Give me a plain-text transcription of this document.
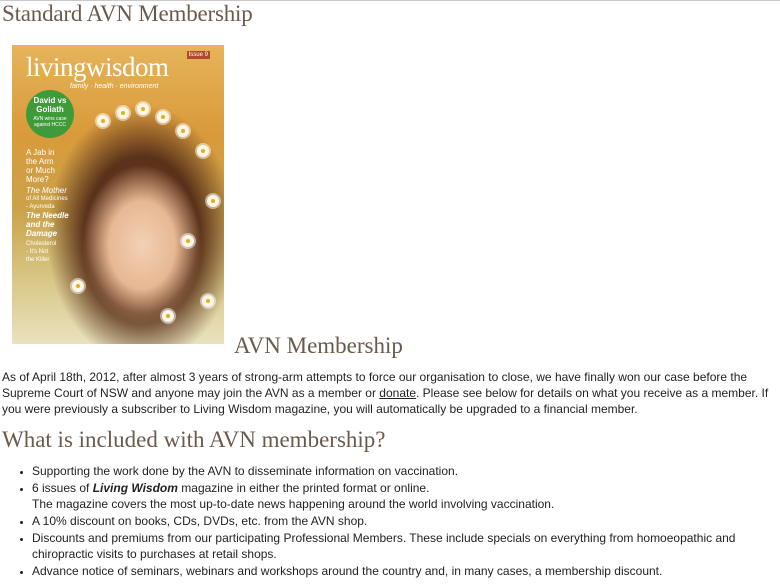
Standard AVN Membership
livingwisdom	Issue 9
family · health · environment
David vs Goliath
AVN wins case against HCCC
A Jab in
the Arm
or Much
More?
The Mother
of All Medicines
- Ayurveda
The Needle
and the
Damage
Cholesterol
- It's Not
the Killer
AVN Membership

As of April 18th, 2012, after almost 3 years of strong-arm attempts to force our organisation to close, we have finally won our case before the Supreme Court of NSW and anyone may join the AVN as a member or donate. Please see below for details on what you receive as a member. If you were previously a subscriber to Living Wisdom magazine, you will automatically be upgraded to a financial member.

What is included with AVN membership?
• Supporting the work done by the AVN to disseminate information on vaccination.
• 6 issues of Living Wisdom magazine in either the printed format or online.
The magazine covers the most up-to-date news happening around the world involving vaccination.
• A 10% discount on books, CDs, DVDs, etc. from the AVN shop.
• Discounts and premiums from our participating Professional Members. These include specials on everything from homoeopathic and chiropractic visits to purchases at retail shops.
• Advance notice of seminars, webinars and workshops around the country and, in many cases, a membership discount.
